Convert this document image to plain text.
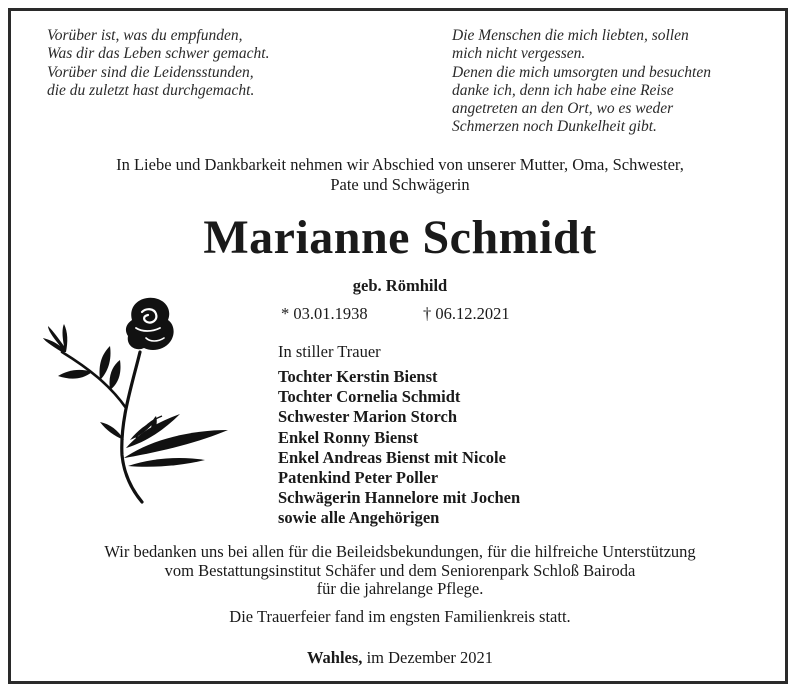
Vorüber ist, was du empfunden,
Was dir das Leben schwer gemacht.
Vorüber sind die Leidensstunden,
die du zuletzt hast durchgemacht.
Die Menschen die mich liebten, sollen
mich nicht vergessen.
Denen die mich umsorgten und besuchten
danke ich, denn ich habe eine Reise
angetreten an den Ort, wo es weder
Schmerzen noch Dunkelheit gibt.
In Liebe und Dankbarkeit nehmen wir Abschied von unserer Mutter, Oma, Schwester,
Pate und Schwägerin
Marianne Schmidt
geb. Römhild
* 03.01.1938	† 06.12.2021
In stiller Trauer
Tochter Kerstin Bienst
Tochter Cornelia Schmidt
Schwester Marion Storch
Enkel Ronny Bienst
Enkel Andreas Bienst mit Nicole
Patenkind Peter Poller
Schwägerin Hannelore mit Jochen
sowie alle Angehörigen
Wir bedanken uns bei allen für die Beileidsbekundungen, für die hilfreiche Unterstützung
vom Bestattungsinstitut Schäfer und dem Seniorenpark Schloß Bairoda
für die jahrelange Pflege.
Die Trauerfeier fand im engsten Familienkreis statt.
Wahles, im Dezember 2021
